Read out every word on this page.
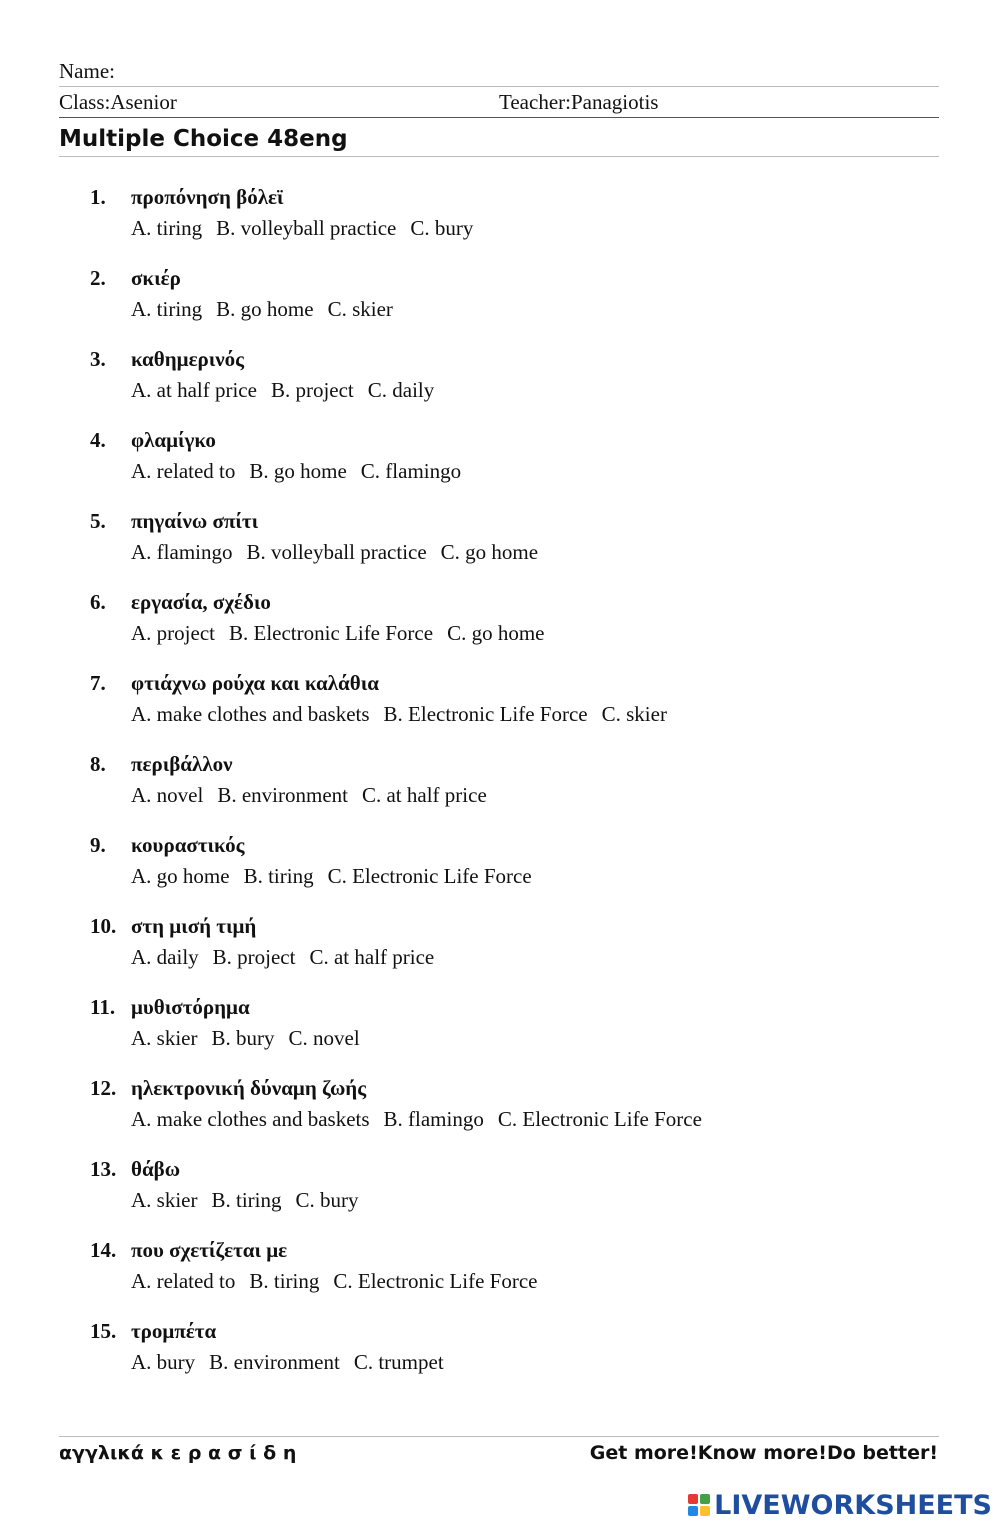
Name:
Class:Asenior	Teacher:Panagiotis
Multiple Choice 48eng
1.	προπόνηση βόλεϊ
A. tiring B. volleyball practice C. bury
2.	σκιέρ
A. tiring B. go home C. skier
3.	καθημερινός
A. at half price B. project C. daily
4.	φλαμίγκο
A. related to B. go home C. flamingo
5.	πηγαίνω σπίτι
A. flamingo B. volleyball practice C. go home
6.	εργασία, σχέδιο
A. project B. Electronic Life Force C. go home
7.	φτιάχνω ρούχα και καλάθια
A. make clothes and baskets B. Electronic Life Force C. skier
8.	περιβάλλον
A. novel B. environment C. at half price
9.	κουραστικός
A. go home B. tiring C. Electronic Life Force
10. στη μισή τιμή
A. daily B. project C. at half price
11. μυθιστόρημα
A. skier B. bury C. novel
12. ηλεκτρονική δύναμη ζωής
A. make clothes and baskets B. flamingo C. Electronic Life Force
13. θάβω
A. skier B. tiring C. bury
14. που σχετίζεται με
A. related to B. tiring C. Electronic Life Force
15. τρομπέτα
A. bury B. environment C. trumpet
αγγλικά κ ε ρ α σ ί δ η	Get more!Know more!Do better!
LIVEWORKSHEETS
